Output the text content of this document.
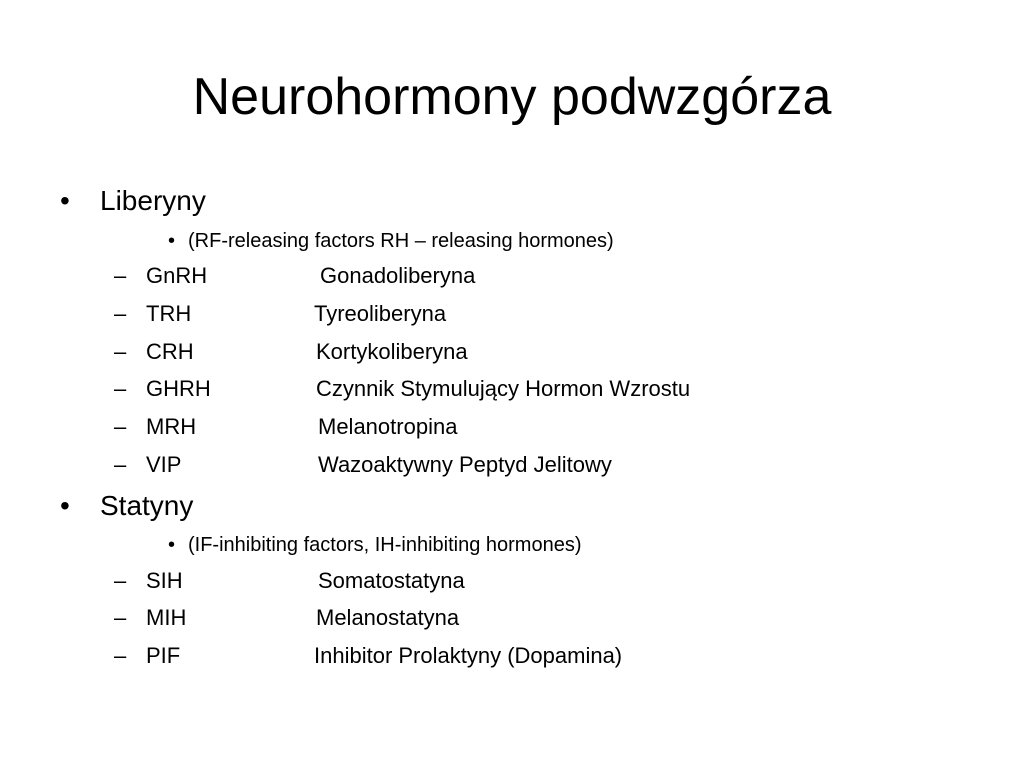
Neurohormony podwzgórza
•	Liberyny
• (RF-releasing factors RH – releasing hormones)
– GnRH	Gonadoliberyna
– TRH	Tyreoliberyna
– CRH	Kortykoliberyna
– GHRH	Czynnik Stymulujący Hormon Wzrostu
– MRH	Melanotropina
– VIP	Wazoaktywny Peptyd Jelitowy
•	Statyny
• (IF-inhibiting factors, IH-inhibiting hormones)
– SIH	Somatostatyna
– MIH	Melanostatyna
– PIF	Inhibitor Prolaktyny (Dopamina)
